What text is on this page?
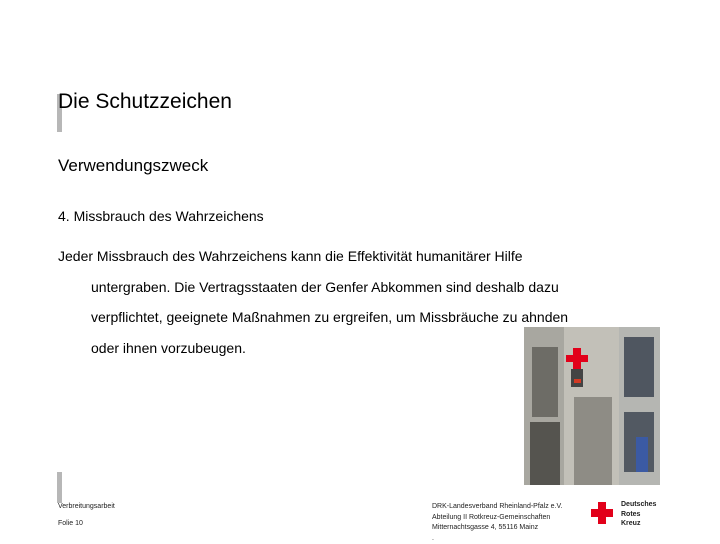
Die Schutzzeichen
Verwendungszweck
4. Missbrauch des Wahrzeichens
Jeder Missbrauch des Wahrzeichens kann die Effektivität humanitärer Hilfe
untergraben. Die Vertragsstaaten der Genfer Abkommen sind deshalb dazu
verpflichtet, geeignete Maßnahmen zu ergreifen, um Missbräuche zu ahnden
oder ihnen vorzubeugen.
Verbreitungsarbeit
Folie 10
DRK-Landesverband Rheinland-Pfalz e.V.
Abteilung II Rotkreuz-Gemeinschaften
Mitternachtsgasse 4, 55116 Mainz
.
Deutsches
Rotes
Kreuz
